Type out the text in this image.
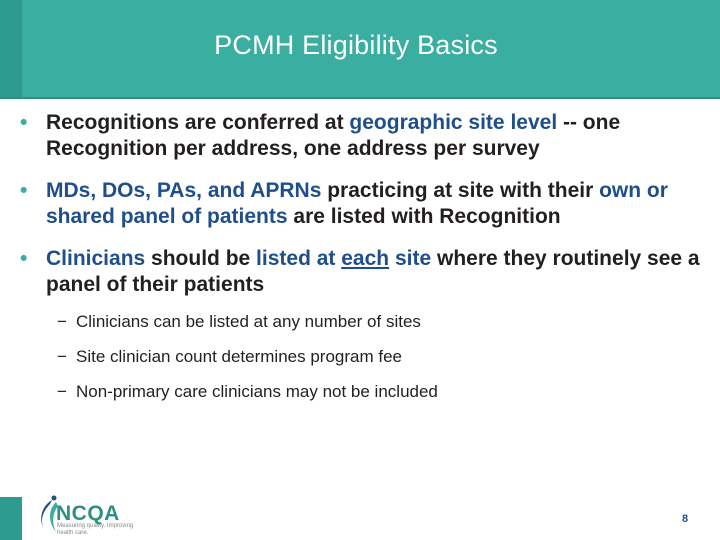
PCMH Eligibility Basics
• Recognitions are conferred at geographic site level -- one Recognition per address, one address per survey
• MDs, DOs, PAs, and APRNs practicing at site with their own or shared panel of patients are listed with Recognition
• Clinicians should be listed at each site where they routinely see a panel of their patients
− Clinicians can be listed at any number of sites
− Site clinician count determines program fee
− Non-primary care clinicians may not be included
NCQA
Measuring quality. Improving health care.
8
